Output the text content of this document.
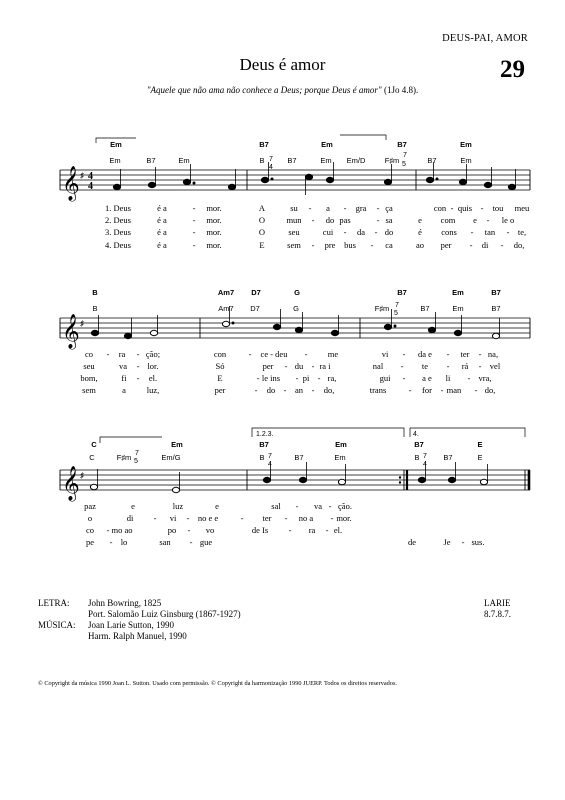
DEUS-PAI, AMOR
29
Deus é amor
"Aquele que não ama não conhece a Deus; porque Deus é amor" (1Jo 4.8).
𝄞 ♯ 4
4
7
4
7
5
𝄞 ♯
7
5
𝄞 ♯
7
5
7
4
7
4
1.2.3.	4.
Em	B7	Em	B7	Em
Em	B7	Em	B	B7	Em Em/D	F♯m	B7	Em
1. Deus	é a	- mor.	A	su - a - gra - ça	con - quis - tou meu
2. Deus	é a	- mor.	O	mun - do pas	- sa	e com e - le o
3. Deus	é a	- mor.	O	seu	cui - da - do	é cons - tan - te,
4. Deus	é a	- mor.	E	sem - pre bus - ca	ao per - di - do,
B	Am7 D7	G	B7	Em	B7
B	Am7 D7	G	F♯m	B7	Em	B7
co - ra - ção;	con	- ce - deu - me	vi - da e - ter - na,
seu	va - lor.	Só	per - du - ra i	nal - te - rá - vel
bom,	fi - el.	E	- le ins - pi - ra,	gui - a e li - vra,
sem	a luz,	per	- do - an - do,	trans	- for - man - do,
C	Em	B7	Em	B7	E
C	F♯m	Em/G	B	B7	Em	B	B7	E
paz	e	luz	e	sal - va - ção.
o	di - vi - no e e	- ter - no a - mor.
co - mo ao	po - vo	de Is - ra - el.
pe - lo	san - gue	de	Je - sus.
LETRA: John Bowring, 1825
Port. Salomão Luiz Ginsburg (1867-1927)
MÚSICA: Joan Larie Sutton, 1990
Harm. Ralph Manuel, 1990
LARIE
8.7.8.7.
© Copyright da música 1990 Joan L. Sutton. Usado com permissão. © Copyright da harmonização 1990 JUERP. Todos os direitos reservados.
